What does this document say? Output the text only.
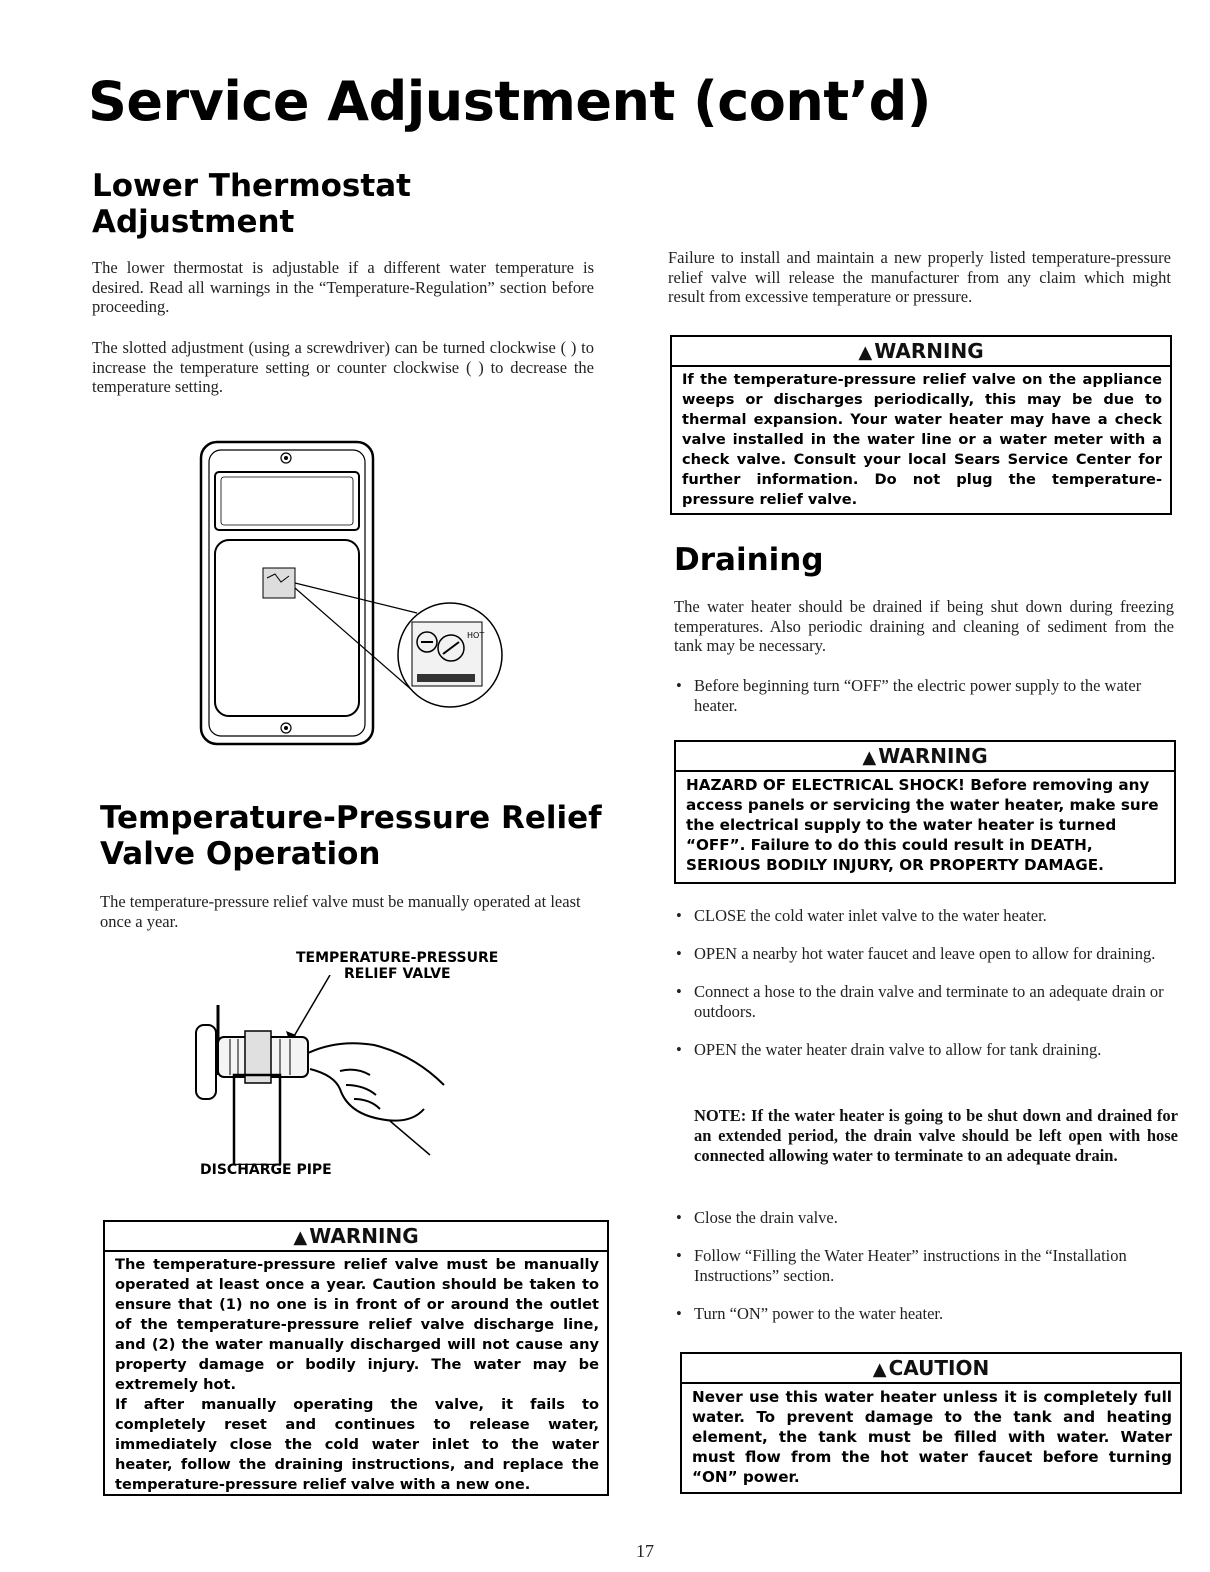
Service Adjustment (cont’d)
Lower Thermostat
Adjustment
The lower thermostat is adjustable if a different water temperature is desired. Read all warnings in the “Temperature-Regulation” section before proceeding.
The slotted adjustment (using a screwdriver) can be turned clockwise ( ) to increase the temperature setting or counter clockwise ( ) to decrease the temperature setting.
HOT
Temperature-Pressure Relief
Valve Operation
The temperature-pressure relief valve must be manually operated at least once a year.
TEMPERATURE-PRESSURE
RELIEF VALVE
DISCHARGE PIPE
▲ WARNING
The temperature-pressure relief valve must be manually operated at least once a year. Caution should be taken to ensure that (1) no one is in front of or around the outlet of the temperature-pressure relief valve discharge line, and (2) the water manually discharged will not cause any property damage or bodily injury. The water may be extremely hot.
If after manually operating the valve, it fails to completely reset and continues to release water, immediately close the cold water inlet to the water heater, follow the draining instructions, and replace the temperature-pressure relief valve with a new one.
Failure to install and maintain a new properly listed temperature-pressure relief valve will release the manufacturer from any claim which might result from excessive temperature or pressure.
▲ WARNING
If the temperature-pressure relief valve on the appliance weeps or discharges periodically, this may be due to thermal expansion. Your water heater may have a check valve installed in the water line or a water meter with a check valve. Consult your local Sears Service Center for further information. Do not plug the temperature-pressure relief valve.
Draining
The water heater should be drained if being shut down during freezing temperatures. Also periodic draining and cleaning of sediment from the tank may be necessary.
• Before beginning turn “OFF” the electric power supply to the water heater.
▲ WARNING
HAZARD OF ELECTRICAL SHOCK! Before removing any access panels or servicing the water heater, make sure the electrical supply to the water heater is turned “OFF”. Failure to do this could result in DEATH, SERIOUS BODILY INJURY, OR PROPERTY DAMAGE.
• CLOSE the cold water inlet valve to the water heater.
• OPEN a nearby hot water faucet and leave open to allow for draining.
• Connect a hose to the drain valve and terminate to an adequate drain or outdoors.
• OPEN the water heater drain valve to allow for tank draining.
NOTE: If the water heater is going to be shut down and drained for an extended period, the drain valve should be left open with hose connected allowing water to terminate to an adequate drain.
• Close the drain valve.
• Follow “Filling the Water Heater” instructions in the “Installation Instructions” section.
• Turn “ON” power to the water heater.
▲ CAUTION
Never use this water heater unless it is completely full water. To prevent damage to the tank and heating element, the tank must be filled with water. Water must flow from the hot water faucet before turning “ON” power.
17
